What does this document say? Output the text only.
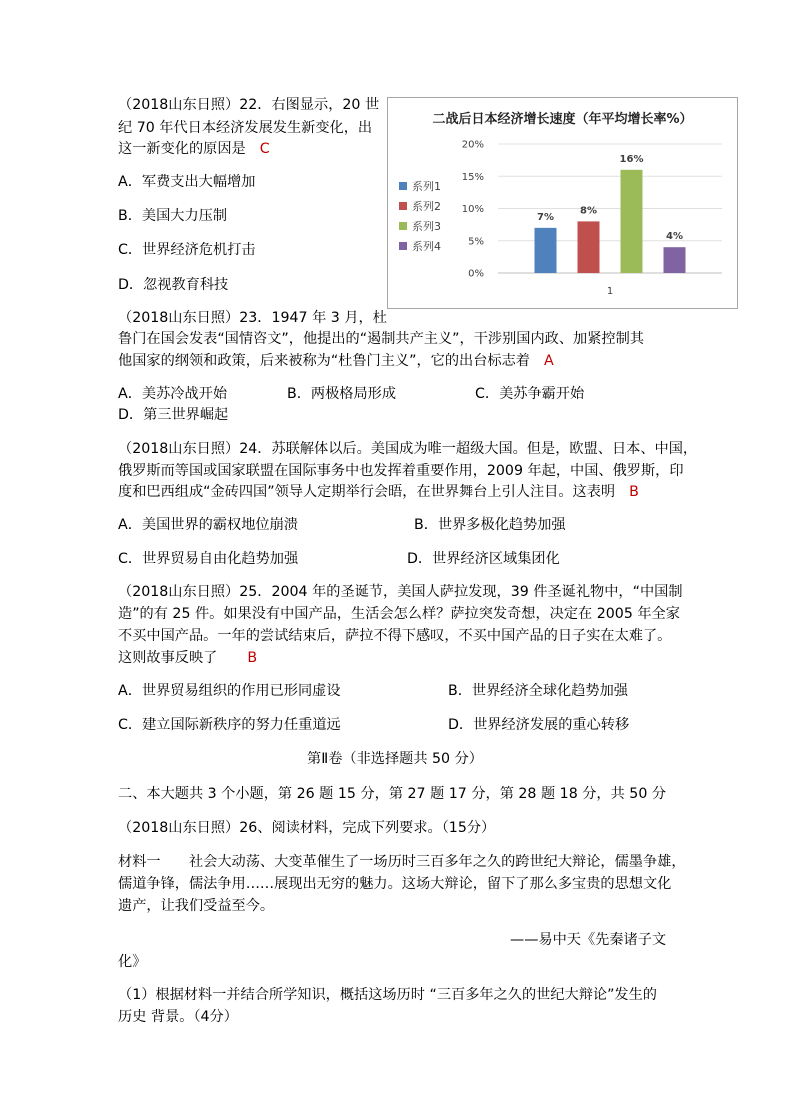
（2018山东日照）22．右图显示，20 世
纪 70 年代日本经济发展发生新变化，出
这一新变化的原因是 C
A．军费支出大幅增加
B．美国大力压制
C．世界经济危机打击
D．忽视教育科技
二战后日本经济增长速度（年平均增长率%）
0%
5%
10%
15%
20%
7%
8%
16%
4%
系列1
系列2
系列3
系列4
1
（2018山东日照）23．1947 年 3 月，杜
鲁门在国会发表“国情咨文”，他提出的“遏制共产主义”，干涉别国内政、加紧控制其
他国家的纲领和政策，后来被称为“杜鲁门主义”，它的出台标志着 A
A．美苏冷战开始	B．两极格局形成	C．美苏争霸开始
D．第三世界崛起
（2018山东日照）24．苏联解体以后。美国成为唯一超级大国。但是，欧盟、日本、中国，
俄罗斯而等国或国家联盟在国际事务中也发挥着重要作用，2009 年起，中国、俄罗斯，印
度和巴西组成“金砖四国”领导人定期举行会晤，在世界舞台上引人注目。这表明 B
A．美国世界的霸权地位崩溃	B．世界多极化趋势加强
C．世界贸易自由化趋势加强	D．世界经济区域集团化
（2018山东日照）25．2004 年的圣诞节，美国人萨拉发现，39 件圣诞礼物中，“中国制
造”的有 25 件。如果没有中国产品，生活会怎么样？萨拉突发奇想，决定在 2005 年全家
不买中国产品。一年的尝试结束后，萨拉不得下感叹，不买中国产品的日子实在太难了。
这则故事反映了 B
A．世界贸易组织的作用已形同虚设	B．世界经济全球化趋势加强
C．建立国际新秩序的努力任重道远	D．世界经济发展的重心转移
第Ⅱ卷（非选择题共 50 分）
二、本大题共 3 个小题，第 26 题 15 分，第 27 题 17 分，第 28 题 18 分，共 50 分
（2018山东日照）26、阅读材料，完成下列要求。（15分）
材料一　　社会大动荡、大变革催生了一场历时三百多年之久的跨世纪大辩论，儒墨争雄，
儒道争锋，儒法争用……展现出无穷的魅力。这场大辩论，留下了那么多宝贵的思想文化
遗产，让我们受益至今。
——易中天《先秦诸子文
化》
（1）根据材料一并结合所学知识，概括这场历时 “三百多年之久的世纪大辩论”发生的
历史 背景。（4分）
